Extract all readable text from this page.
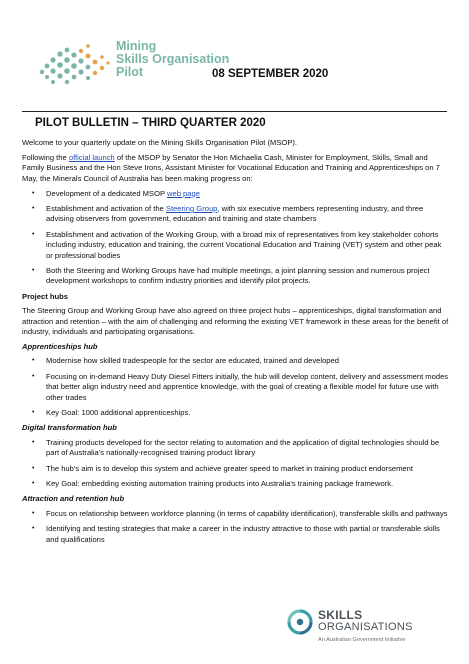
Mining
Skills Organisation
Pilot	08 SEPTEMBER 2020
PILOT BULLETIN – THIRD QUARTER 2020

Welcome to your quarterly update on the Mining Skills Organisation Pilot (MSOP).

Following the official launch of the MSOP by Senator the Hon Michaelia Cash, Minister for Employment, Skills, Small and Family Business and the Hon Steve Irons, Assistant Minister for Vocational Education and Training and Apprenticeships on 7 May, the Minerals Council of Australia has been making progress on:

• Development of a dedicated MSOP web page
• Establishment and activation of the Steering Group, with six executive members representing industry, and three advising observers from government, education and training and state chambers
• Establishment and activation of the Working Group, with a broad mix of representatives from key stakeholder cohorts including industry, education and training, the current Vocational Education and Training (VET) system and other peak or professional bodies
• Both the Steering and Working Groups have had multiple meetings, a joint planning session and numerous project development workshops to confirm industry priorities and identify pilot projects.
Project hubs

The Steering Group and Working Group have also agreed on three project hubs – apprenticeships, digital transformation and attraction and retention – with the aim of challenging and reforming the existing VET framework in these areas for the benefit of industry, individuals and participating organisations.

Apprenticeships hub
• Modernise how skilled tradespeople for the sector are educated, trained and developed
• Focusing on in-demand Heavy Duty Diesel Fitters initially, the hub will develop content, delivery and assessment modes that better align industry need and apprentice knowledge, with the goal of creating a flexible model for future use with other trades
• Key Goal: 1000 additional apprenticeships.
Digital transformation hub
• Training products developed for the sector relating to automation and the application of digital technologies should be part of Australia's nationally-recognised training product library
• The hub's aim is to develop this system and achieve greater speed to market in training product endorsement
• Key Goal: embedding existing automation training products into Australia's training package framework.
Attraction and retention hub
• Focus on relationship between workforce planning (in terms of capability identification), transferable skills and pathways
• Identifying and testing strategies that make a career in the industry attractive to those with partial or transferable skills and qualifications
SKILLS
ORGANISATIONS
An Australian Government Initiative
